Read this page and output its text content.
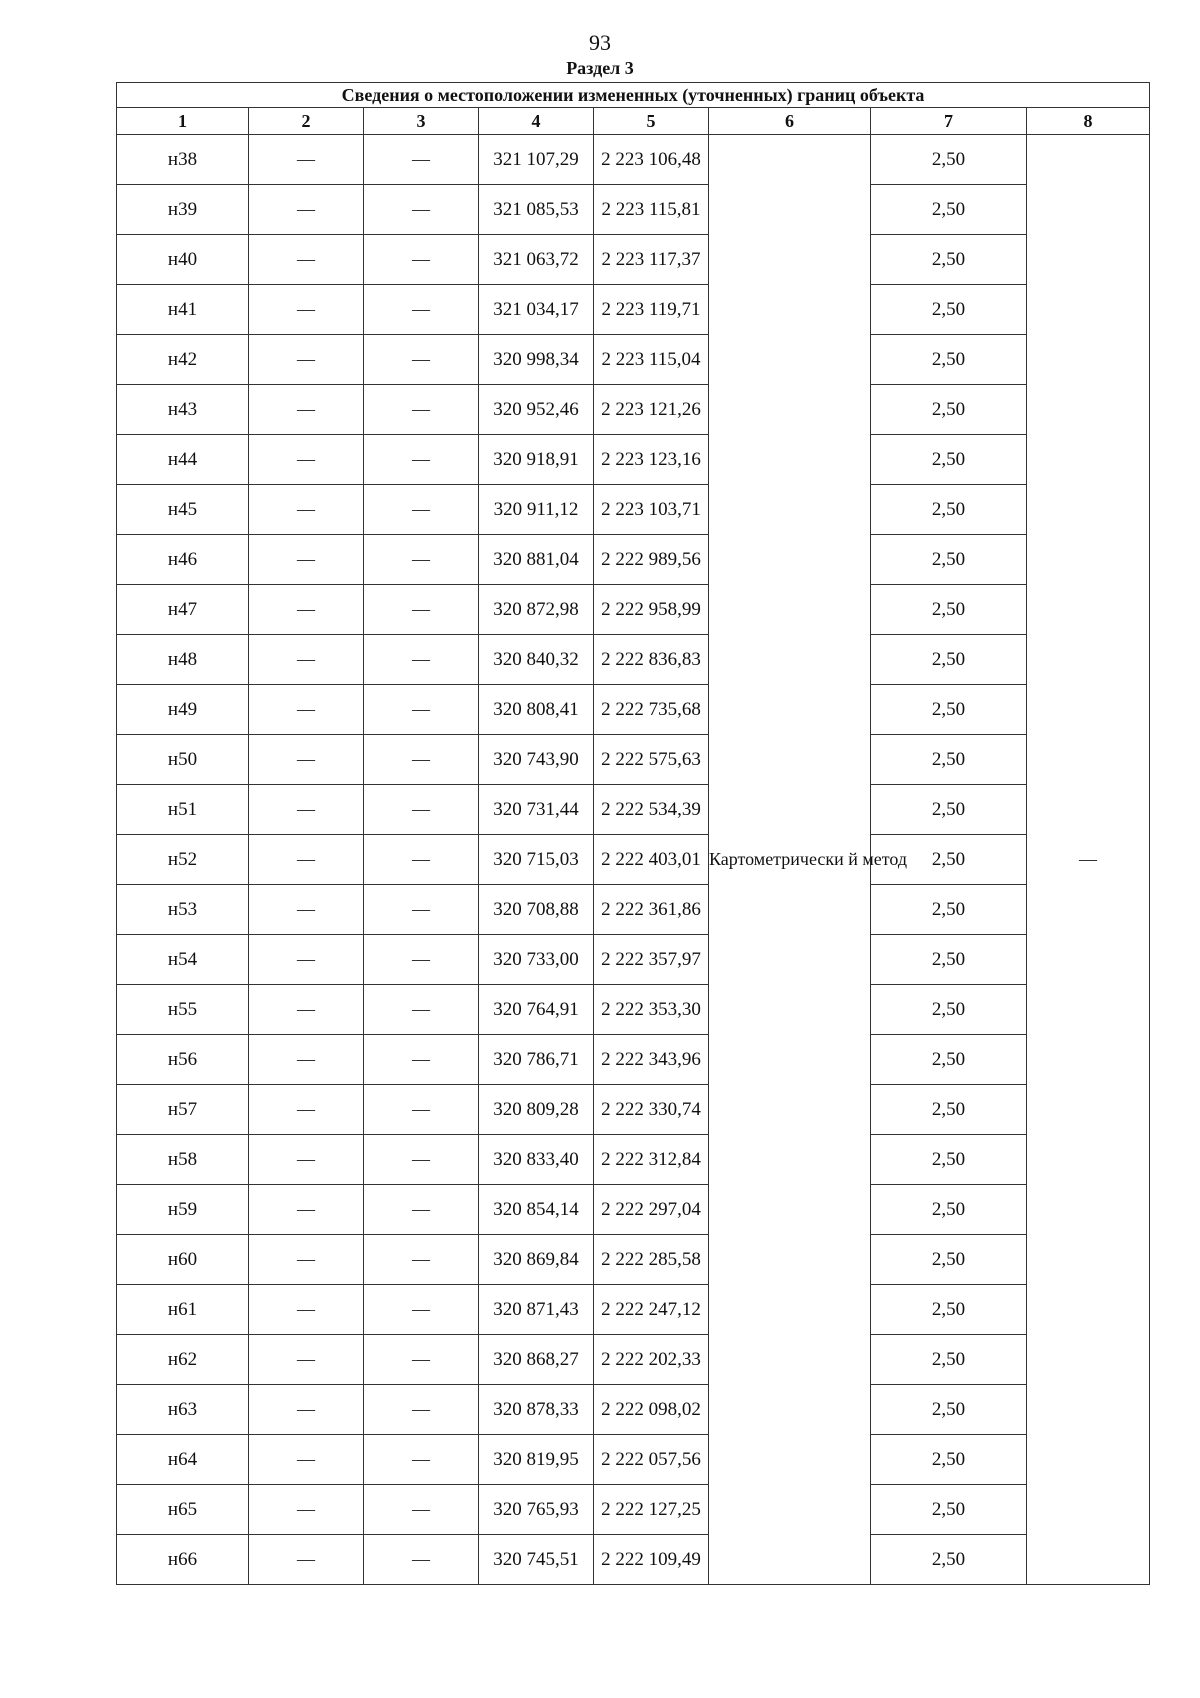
93
Раздел 3
Сведения о местоположении измененных (уточненных) границ объекта							
1	2	3	4	5	6	7	8
н38	—	—	321 107,29	2 223 106,48	Картометрически й метод	2,50	—
н39	—	—	321 085,53	2 223 115,81		2,50	
н40	—	—	321 063,72	2 223 117,37		2,50	
н41	—	—	321 034,17	2 223 119,71		2,50	
н42	—	—	320 998,34	2 223 115,04		2,50	
н43	—	—	320 952,46	2 223 121,26		2,50	
н44	—	—	320 918,91	2 223 123,16		2,50	
н45	—	—	320 911,12	2 223 103,71		2,50	
н46	—	—	320 881,04	2 222 989,56		2,50	
н47	—	—	320 872,98	2 222 958,99		2,50	
н48	—	—	320 840,32	2 222 836,83		2,50	
н49	—	—	320 808,41	2 222 735,68		2,50	
н50	—	—	320 743,90	2 222 575,63		2,50	
н51	—	—	320 731,44	2 222 534,39		2,50	
н52	—	—	320 715,03	2 222 403,01		2,50	
н53	—	—	320 708,88	2 222 361,86		2,50	
н54	—	—	320 733,00	2 222 357,97		2,50	
н55	—	—	320 764,91	2 222 353,30		2,50	
н56	—	—	320 786,71	2 222 343,96		2,50	
н57	—	—	320 809,28	2 222 330,74		2,50	
н58	—	—	320 833,40	2 222 312,84		2,50	
н59	—	—	320 854,14	2 222 297,04		2,50	
н60	—	—	320 869,84	2 222 285,58		2,50	
н61	—	—	320 871,43	2 222 247,12		2,50	
н62	—	—	320 868,27	2 222 202,33		2,50	
н63	—	—	320 878,33	2 222 098,02		2,50	
н64	—	—	320 819,95	2 222 057,56		2,50	
н65	—	—	320 765,93	2 222 127,25		2,50	
н66	—	—	320 745,51	2 222 109,49		2,50	
